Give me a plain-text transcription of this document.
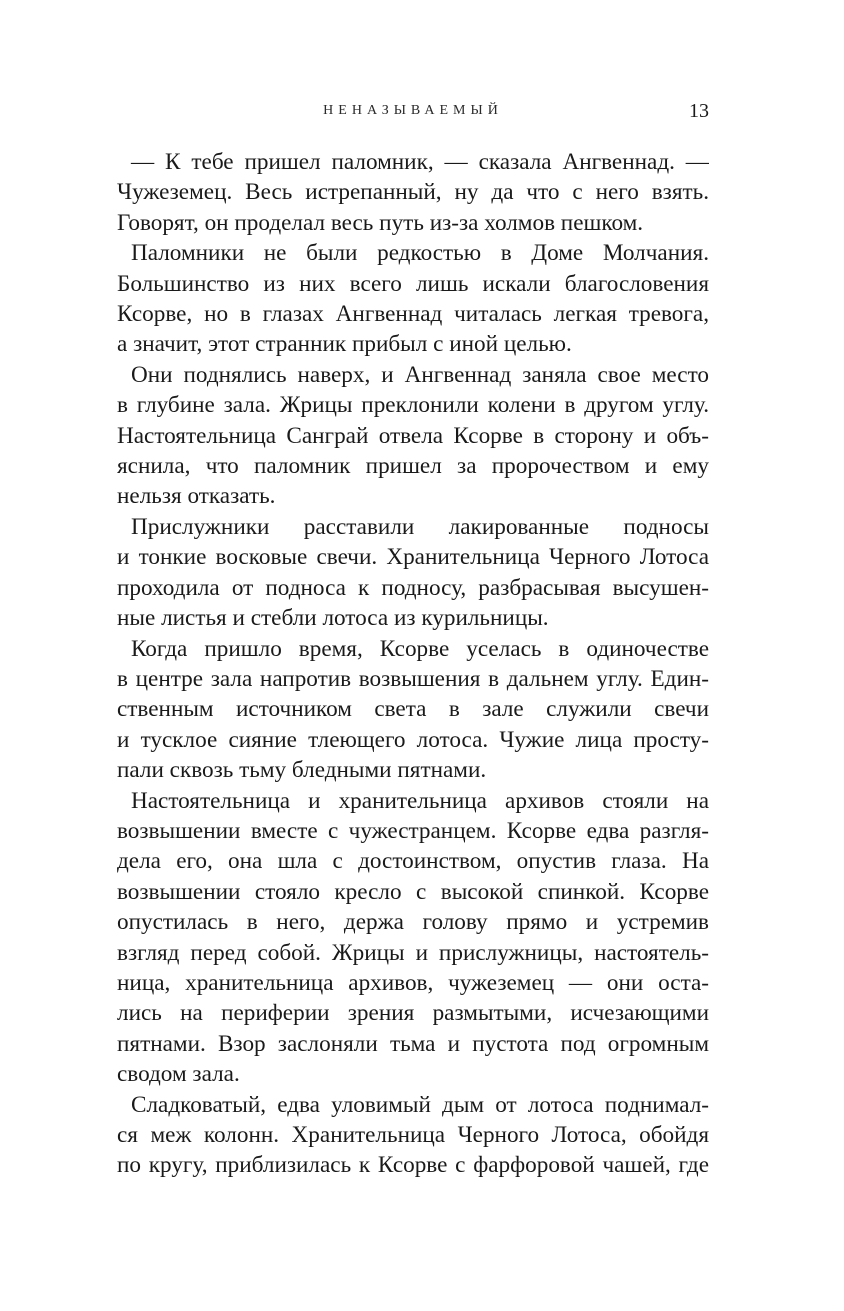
НЕНАЗЫВАЕМЫЙ	13

— К тебе пришел паломник, — сказала Ангвеннад. —
Чужеземец. Весь истрепанный, ну да что с него взять.
Говорят, он проделал весь путь из-за холмов пешком.

Паломники не были редкостью в Доме Молчания.
Большинство из них всего лишь искали благословения
Ксорве, но в глазах Ангвеннад читалась легкая тревога,
а значит, этот странник прибыл с иной целью.

Они поднялись наверх, и Ангвеннад заняла свое место
в глубине зала. Жрицы преклонили колени в другом углу.
Настоятельница Санграй отвела Ксорве в сторону и объ-
яснила, что паломник пришел за пророчеством и ему
нельзя отказать.

Прислужники расставили лакированные подносы
и тонкие восковые свечи. Хранительница Черного Лотоса
проходила от подноса к подносу, разбрасывая высушен-
ные листья и стебли лотоса из курильницы.

Когда пришло время, Ксорве уселась в одиночестве
в центре зала напротив возвышения в дальнем углу. Един-
ственным источником света в зале служили свечи
и тусклое сияние тлеющего лотоса. Чужие лица просту-
пали сквозь тьму бледными пятнами.

Настоятельница и хранительница архивов стояли на
возвышении вместе с чужестранцем. Ксорве едва разгля-
дела его, она шла с достоинством, опустив глаза. На
возвышении стояло кресло с высокой спинкой. Ксорве
опустилась в него, держа голову прямо и устремив
взгляд перед собой. Жрицы и прислужницы, настоятель-
ница, хранительница архивов, чужеземец — они оста-
лись на периферии зрения размытыми, исчезающими
пятнами. Взор заслоняли тьма и пустота под огромным
сводом зала.

Сладковатый, едва уловимый дым от лотоса поднимал-
ся меж колонн. Хранительница Черного Лотоса, обойдя
по кругу, приблизилась к Ксорве с фарфоровой чашей, где
